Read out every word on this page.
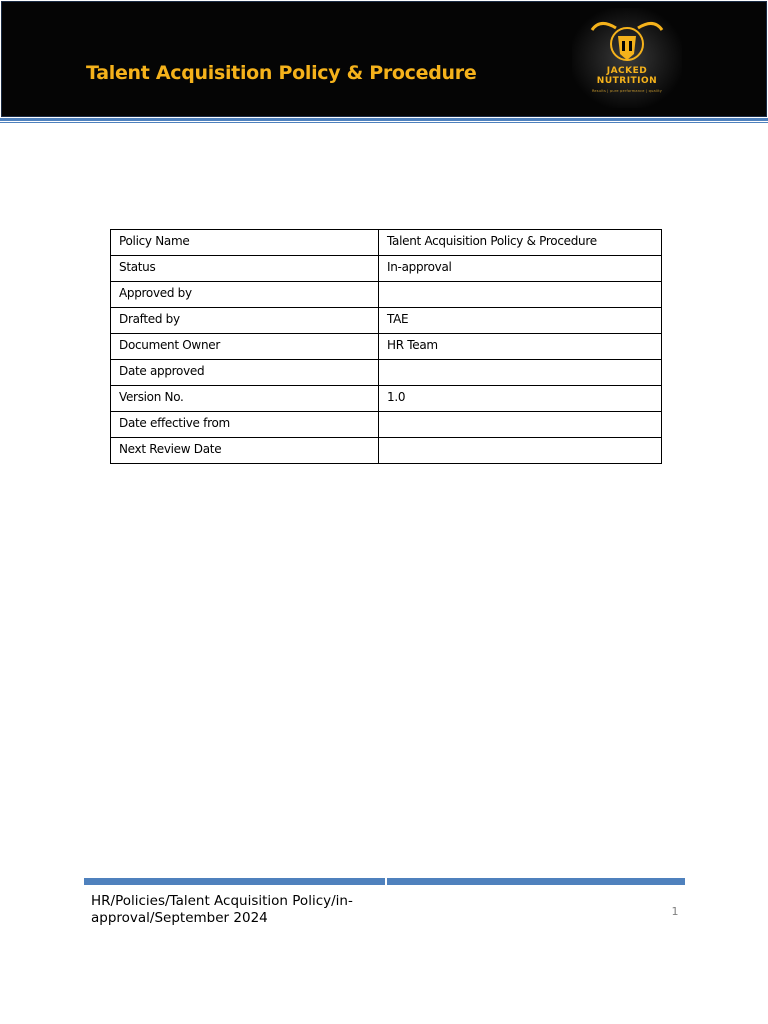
Talent Acquisition Policy & Procedure	JACKED
NUTRITION
Results | pure performance | quality
Policy Name	Talent Acquisition Policy & Procedure
Status	In-approval
Approved by	
Drafted by	TAE
Document Owner	HR Team
Date approved	
Version No.	1.0
Date effective from	
Next Review Date	
HR/Policies/Talent Acquisition Policy/in-approval/September 2024	1
